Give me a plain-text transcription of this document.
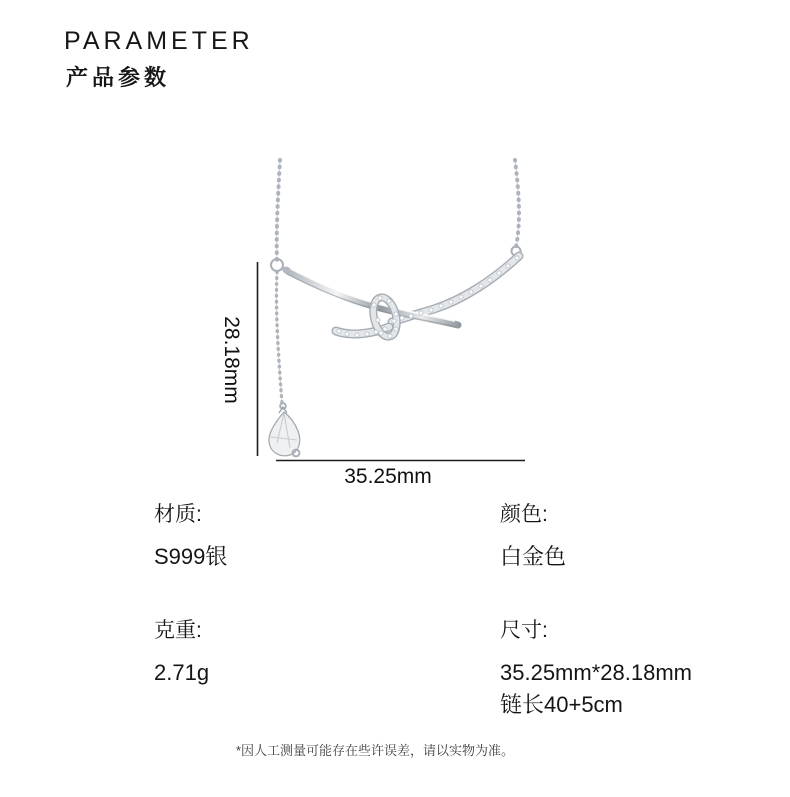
PARAMETER
产品参数
28.18mm
35.25mm
材质:
S999银
颜色:
白金色
克重:
2.71g
尺寸:
35.25mm*28.18mm
链长40+5cm
*因人工测量可能存在些许误差，请以实物为准。
